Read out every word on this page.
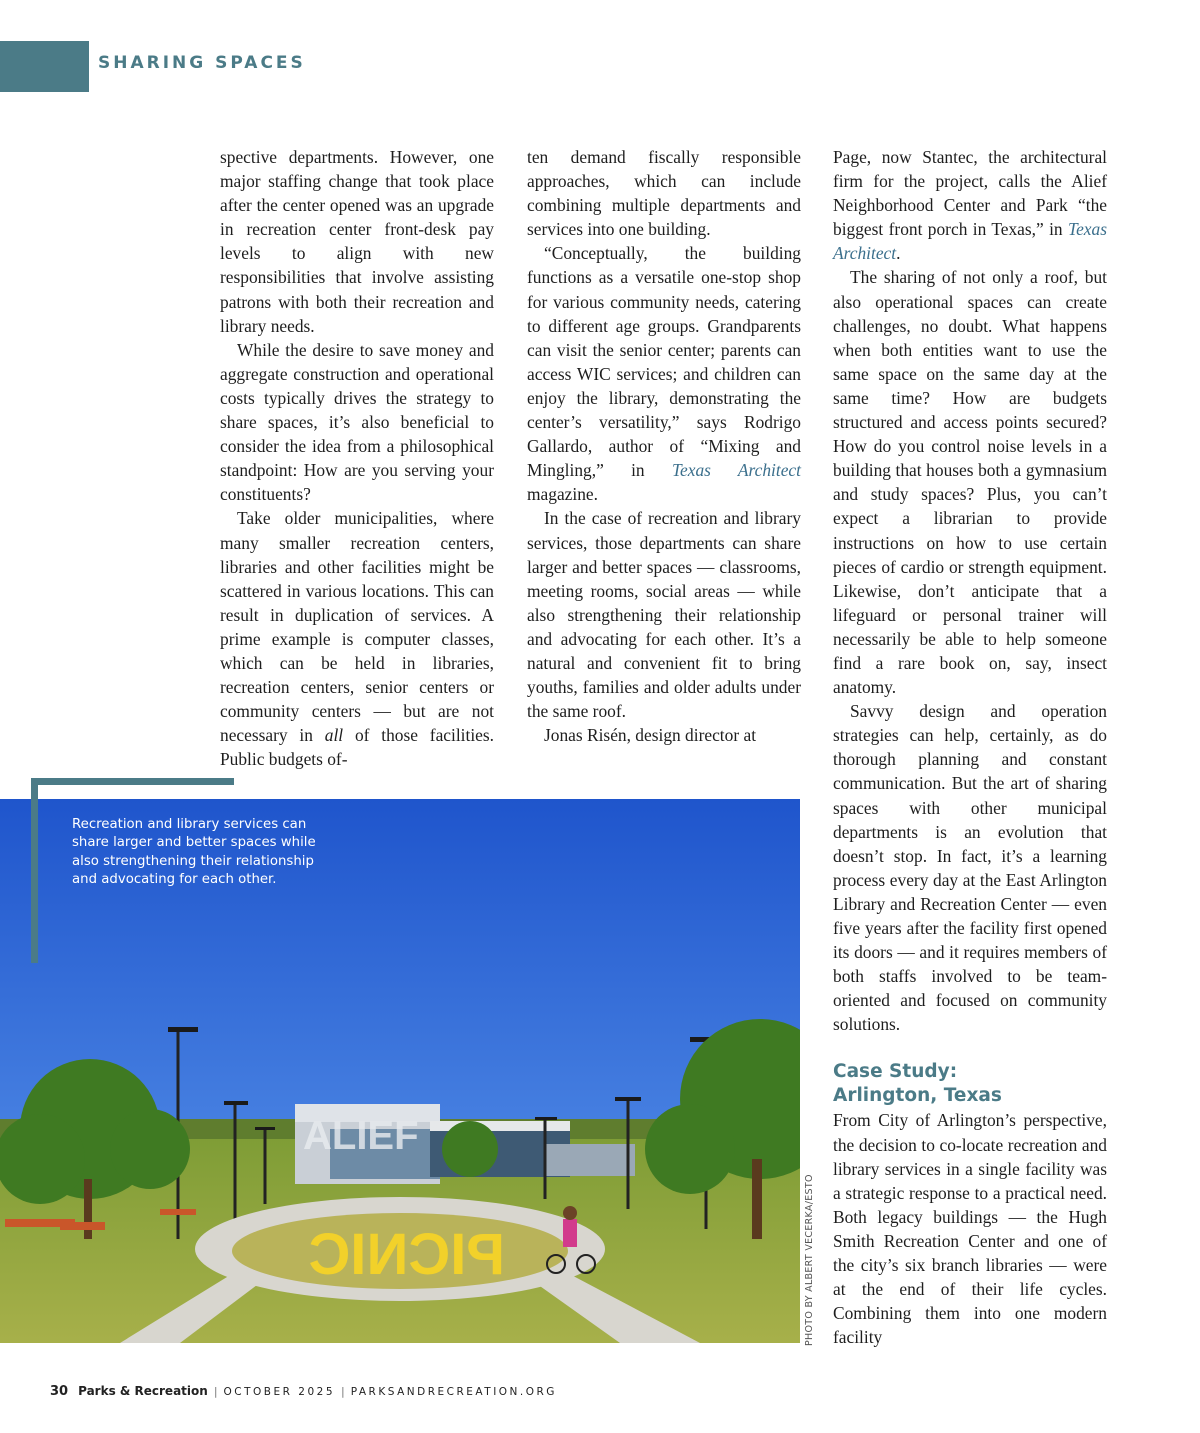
SHARING SPACES

spective departments. However, one major staffing change that took place after the center opened was an upgrade in recreation center front-desk pay levels to align with new responsibilities that involve assisting patrons with both their recreation and library needs.

While the desire to save money and aggregate construction and operational costs typically drives the strategy to share spaces, it’s also beneficial to consider the idea from a philosophical standpoint: How are you serving your constituents?

Take older municipalities, where many smaller recreation centers, libraries and other facilities might be scattered in various locations. This can result in duplication of services. A prime example is computer classes, which can be held in libraries, recreation centers, senior centers or community centers — but are not necessary in all of those facilities. Public budgets of-

ten demand fiscally responsible approaches, which can include combining multiple departments and services into one building.

“Conceptually, the building functions as a versatile one-stop shop for various community needs, catering to different age groups. Grandparents can visit the senior center; parents can access WIC services; and children can enjoy the library, demonstrating the center’s versatility,” says Rodrigo Gallardo, author of “Mixing and Mingling,” in Texas Architect magazine.

In the case of recreation and library services, those departments can share larger and better spaces — classrooms, meeting rooms, social areas — while also strengthening their relationship and advocating for each other. It’s a natural and convenient fit to bring youths, families and older adults under the same roof.

Jonas Risén, design director at

Page, now Stantec, the architectural firm for the project, calls the Alief Neighborhood Center and Park “the biggest front porch in Texas,” in Texas Architect.

The sharing of not only a roof, but also operational spaces can create challenges, no doubt. What happens when both entities want to use the same space on the same day at the same time? How are budgets structured and access points secured? How do you control noise levels in a building that houses both a gymnasium and study spaces? Plus, you can’t expect a librarian to provide instructions on how to use certain pieces of cardio or strength equipment. Likewise, don’t anticipate that a lifeguard or personal trainer will necessarily be able to help someone find a rare book on, say, insect anatomy.

Savvy design and operation strategies can help, certainly, as do thorough planning and constant communication. But the art of sharing spaces with other municipal departments is an evolution that doesn’t stop. In fact, it’s a learning process every day at the East Arlington Library and Recreation Center — even five years after the facility first opened its doors — and it requires members of both staffs involved to be team-oriented and focused on community solutions.

Case Study:
Arlington, Texas

From City of Arlington’s perspective, the decision to co-locate recreation and library services in a single facility was a strategic response to a practical need. Both legacy buildings — the Hugh Smith Recreation Center and one of the city’s six branch libraries — were at the end of their life cycles. Combining them into one modern facility

ALIEF
PICNIC
Recreation and library services can share larger and better spaces while also strengthening their relationship and advocating for each other.
PHOTO BY ALBERT VECERKA/ESTO
30 Parks & Recreation | OCTOBER 2025 | PARKSANDRECREATION.ORG
